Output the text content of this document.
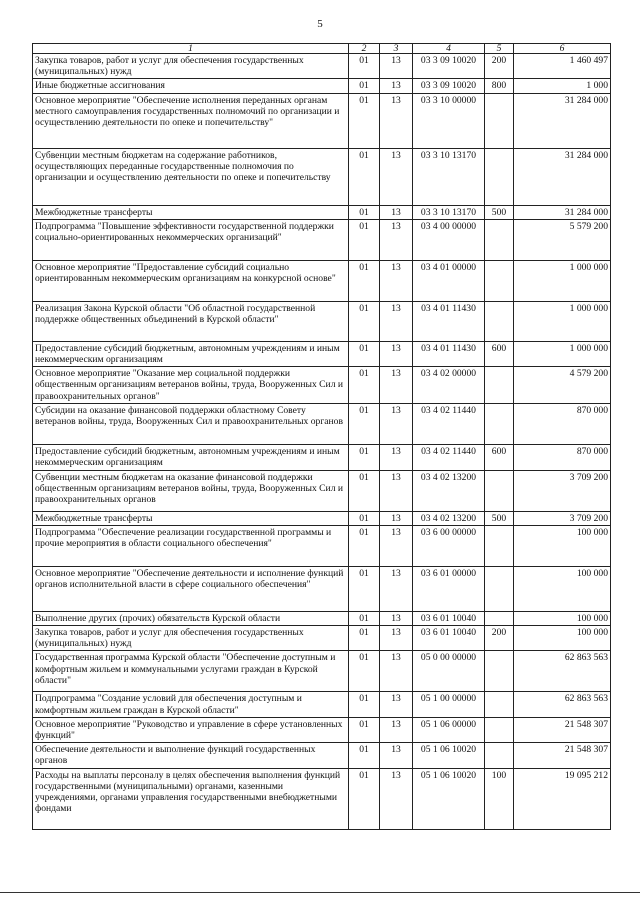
5
1	2	3	4	5	6
Закупка товаров, работ и услуг для обеспечения государственных (муниципальных) нужд	01	13	03 3 09 10020	200	1 460 497
Иные бюджетные ассигнования	01	13	03 3 09 10020	800	1 000
Основное мероприятие "Обеспечение исполнения переданных органам местного самоуправления государственных полномочий по организации и осуществлению деятельности по опеке и попечительству"	01	13	03 3 10 00000		31 284 000
Субвенции местным бюджетам на содержание работников, осуществляющих переданные государственные полномочия по организации и осуществлению деятельности по опеке и попечительству	01	13	03 3 10 13170		31 284 000
Межбюджетные трансферты	01	13	03 3 10 13170	500	31 284 000
Подпрограмма "Повышение эффективности государственной поддержки социально-ориентированных некоммерческих организаций"	01	13	03 4 00 00000		5 579 200
Основное мероприятие "Предоставление субсидий социально ориентированным некоммерческим организациям на конкурсной основе"	01	13	03 4 01 00000		1 000 000
Реализация Закона Курской области "Об областной государственной поддержке общественных объединений в Курской области"	01	13	03 4 01 11430		1 000 000
Предоставление субсидий бюджетным, автономным учреждениям и иным некоммерческим организациям	01	13	03 4 01 11430	600	1 000 000
Основное мероприятие "Оказание мер социальной поддержки общественным организациям ветеранов войны, труда, Вооруженных Сил и правоохранительных органов"	01	13	03 4 02 00000		4 579 200
Субсидии на оказание финансовой поддержки областному Совету ветеранов войны, труда, Вооруженных Сил и правоохранительных органов	01	13	03 4 02 11440		870 000
Предоставление субсидий бюджетным, автономным учреждениям и иным некоммерческим организациям	01	13	03 4 02 11440	600	870 000
Субвенции местным бюджетам на оказание финансовой поддержки общественным организациям ветеранов войны, труда, Вооруженных Сил и правоохранительных органов	01	13	03 4 02 13200		3 709 200
Межбюджетные трансферты	01	13	03 4 02 13200	500	3 709 200
Подпрограмма "Обеспечение реализации государственной программы и прочие мероприятия в области социального обеспечения"	01	13	03 6 00 00000		100 000
Основное мероприятие "Обеспечение деятельности и исполнение функций органов исполнительной власти в сфере социального обеспечения"	01	13	03 6 01 00000		100 000
Выполнение других (прочих) обязательств Курской области	01	13	03 6 01 10040		100 000
Закупка товаров, работ и услуг для обеспечения государственных (муниципальных) нужд	01	13	03 6 01 10040	200	100 000
Государственная программа Курской области "Обеспечение доступным и комфортным жильем и коммунальными услугами граждан в Курской области"	01	13	05 0 00 00000		62 863 563
Подпрограмма "Создание условий для обеспечения доступным и комфортным жильем граждан в Курской области"	01	13	05 1 00 00000		62 863 563
Основное мероприятие "Руководство и управление в сфере установленных функций"	01	13	05 1 06 00000		21 548 307
Обеспечение деятельности и выполнение функций государственных органов	01	13	05 1 06 10020		21 548 307
Расходы на выплаты персоналу в целях обеспечения выполнения функций государственными (муниципальными) органами, казенными учреждениями, органами управления государственными внебюджетными фондами	01	13	05 1 06 10020	100	19 095 212
